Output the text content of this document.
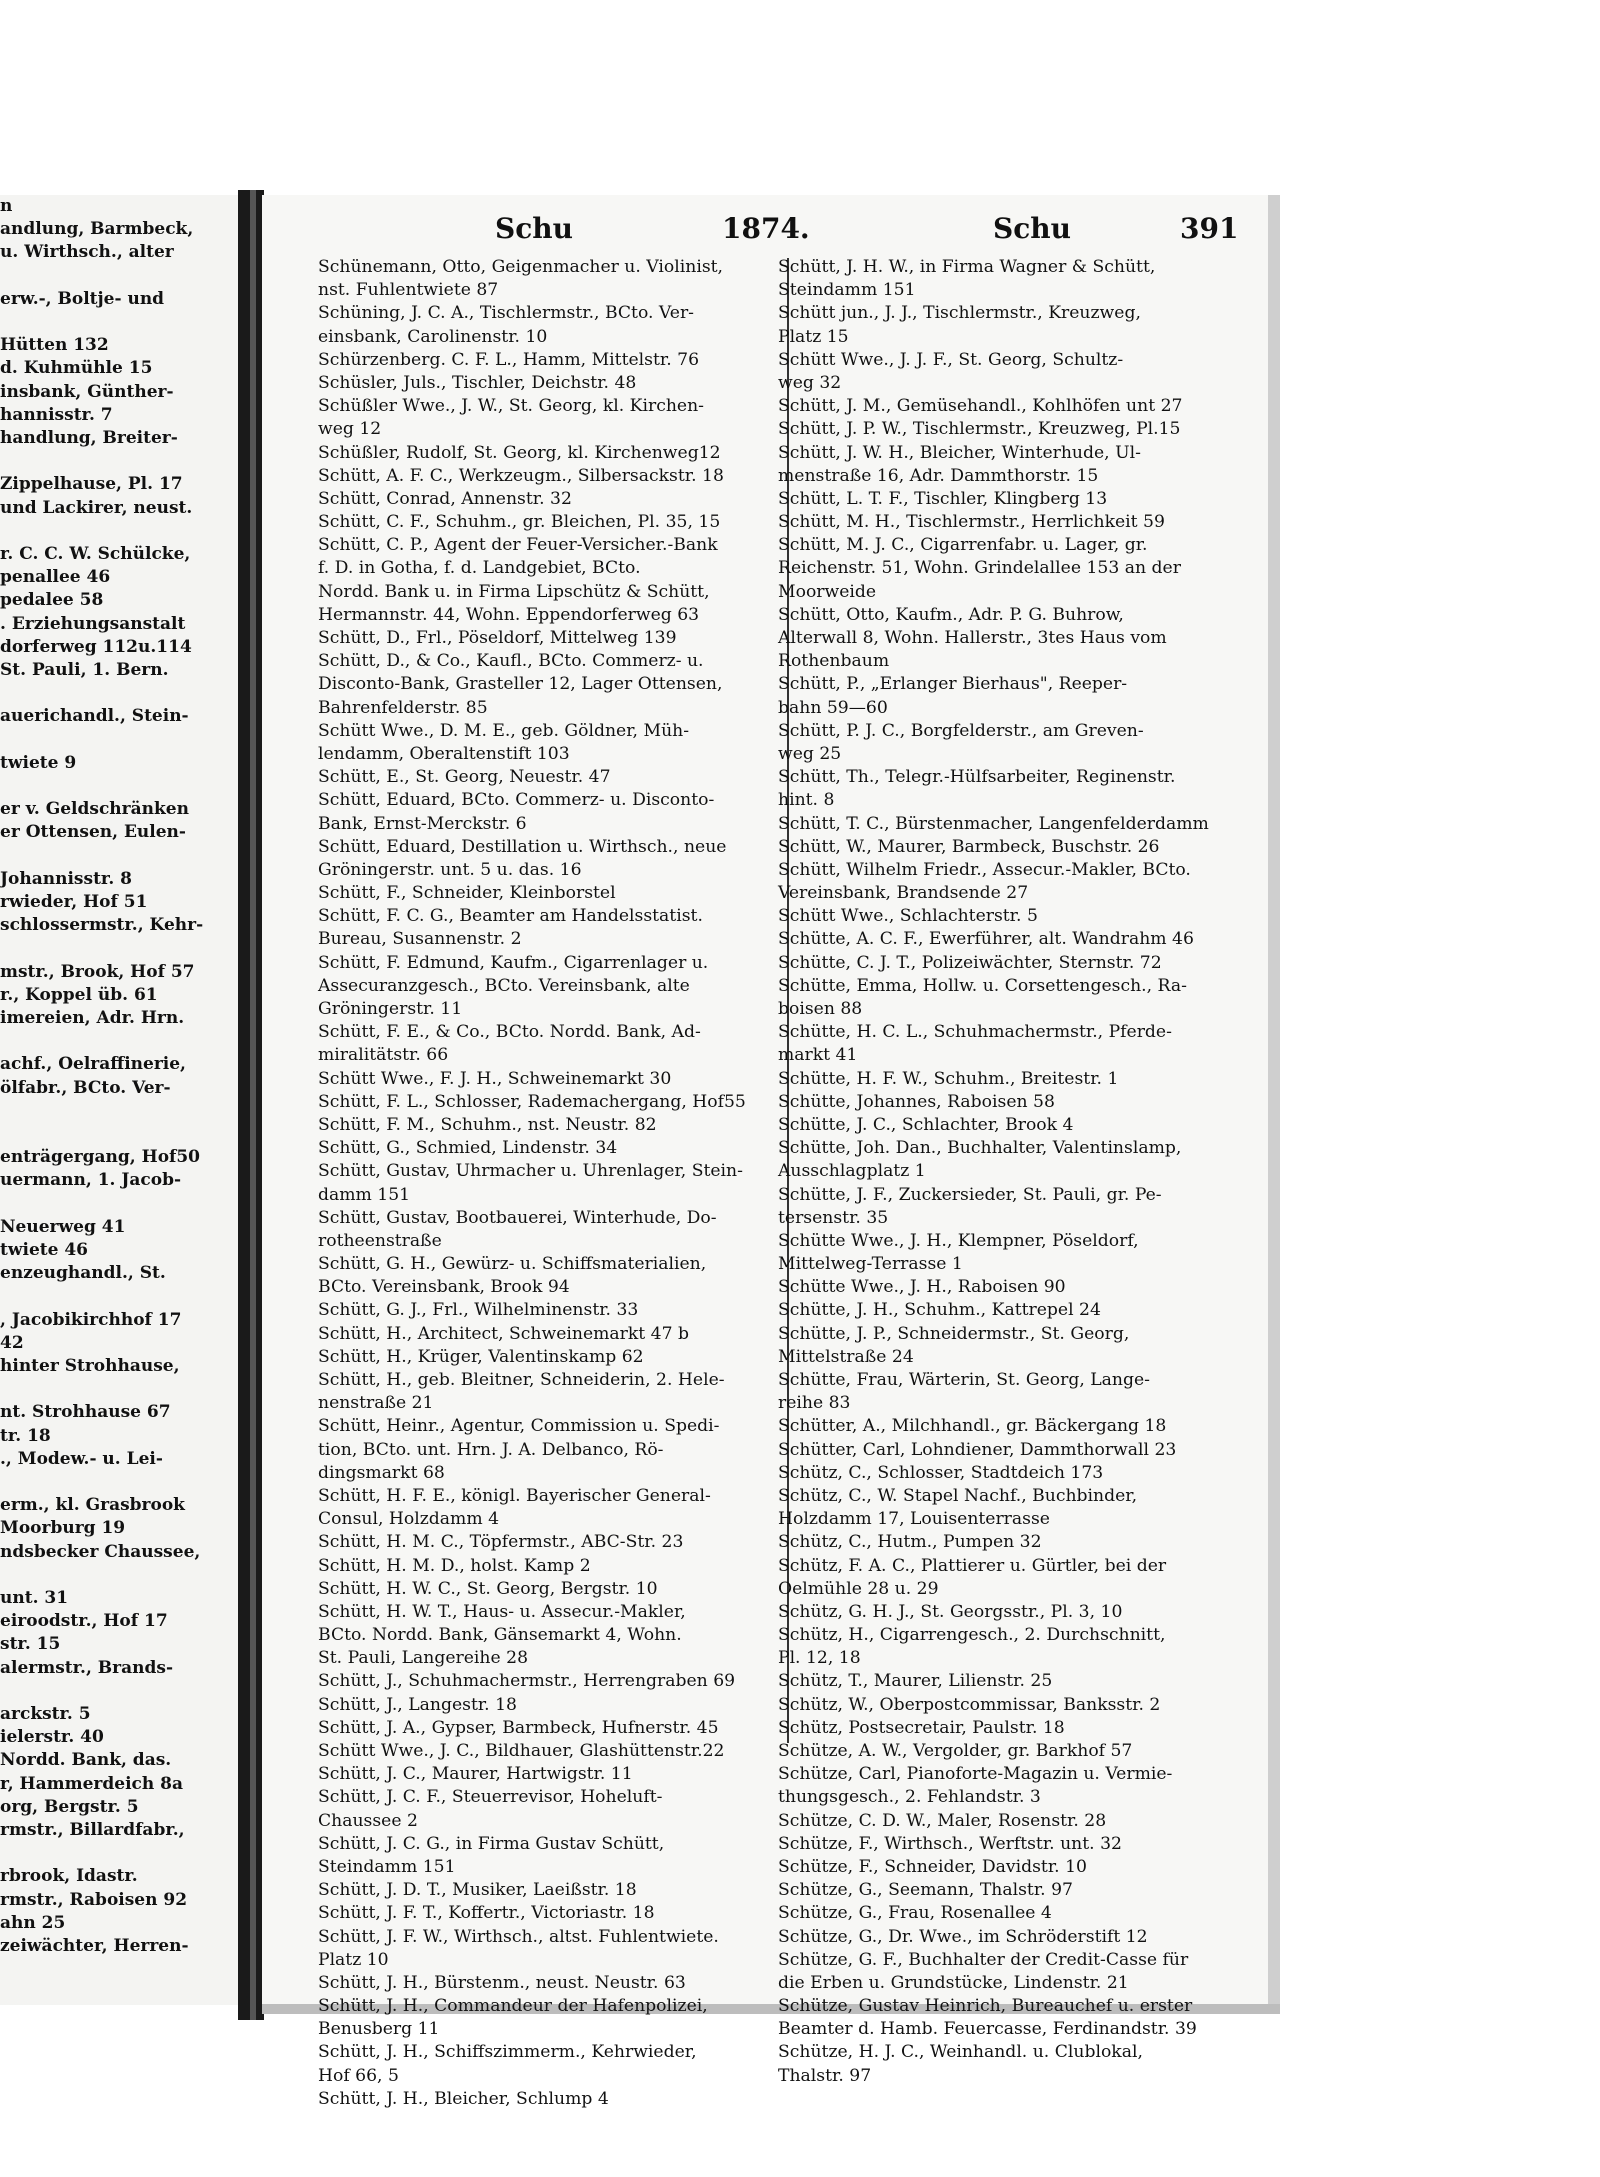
n
andlung, Barmbeck,
u. Wirthsch., alter
erw.-, Boltje- und
Hütten 132
d. Kuhmühle 15
insbank, Günther-
hannisstr. 7
handlung, Breiter-
Zippelhause, Pl. 17
und Lackirer, neust.
r. C. C. W. Schülcke,
penallee 46
pedalee 58
. Erziehungsanstalt
dorferweg 112u.114
St. Pauli, 1. Bern.
auerichandl., Stein-
twiete 9
er v. Geldschränken
er Ottensen, Eulen-
Johannisstr. 8
rwieder, Hof 51
schlossermstr., Kehr-
mstr., Brook, Hof 57
r., Koppel üb. 61
imereien, Adr. Hrn.
achf., Oelraffinerie,
ölfabr., BCto. Ver-
enträgergang, Hof50
uermann, 1. Jacob-
Neuerweg 41
twiete 46
enzeughandl., St.
, Jacobikirchhof 17
42
hinter Strohhause,
nt. Strohhause 67
tr. 18
., Modew.- u. Lei-
erm., kl. Grasbrook
Moorburg 19
ndsbecker Chaussee,
unt. 31
eiroodstr., Hof 17
str. 15
alermstr., Brands-
arckstr. 5
ielerstr. 40
Nordd. Bank, das.
r, Hammerdeich 8a
org, Bergstr. 5
rmstr., Billardfabr.,
rbrook, Idastr.
rmstr., Raboisen 92
ahn 25
zeiwächter, Herren-
Schu	1874.	Schu	391
Schünemann, Otto, Geigenmacher u. Violinist,
nst. Fuhlentwiete 87
Schüning, J. C. A., Tischlermstr., BCto. Ver-
einsbank, Carolinenstr. 10
Schürzenberg. C. F. L., Hamm, Mittelstr. 76
Schüsler, Juls., Tischler, Deichstr. 48
Schüßler Wwe., J. W., St. Georg, kl. Kirchen-
weg 12
Schüßler, Rudolf, St. Georg, kl. Kirchenweg12
Schütt, A. F. C., Werkzeugm., Silbersackstr. 18
Schütt, Conrad, Annenstr. 32
Schütt, C. F., Schuhm., gr. Bleichen, Pl. 35, 15
Schütt, C. P., Agent der Feuer-Versicher.-Bank
f. D. in Gotha, f. d. Landgebiet, BCto.
Nordd. Bank u. in Firma Lipschütz & Schütt,
Hermannstr. 44, Wohn. Eppendorferweg 63
Schütt, D., Frl., Pöseldorf, Mittelweg 139
Schütt, D., & Co., Kaufl., BCto. Commerz- u.
Disconto-Bank, Grasteller 12, Lager Ottensen,
Bahrenfelderstr. 85
Schütt Wwe., D. M. E., geb. Göldner, Müh-
lendamm, Oberaltenstift 103
Schütt, E., St. Georg, Neuestr. 47
Schütt, Eduard, BCto. Commerz- u. Disconto-
Bank, Ernst-Merckstr. 6
Schütt, Eduard, Destillation u. Wirthsch., neue
Gröningerstr. unt. 5 u. das. 16
Schütt, F., Schneider, Kleinborstel
Schütt, F. C. G., Beamter am Handelsstatist.
Bureau, Susannenstr. 2
Schütt, F. Edmund, Kaufm., Cigarrenlager u.
Assecuranzgesch., BCto. Vereinsbank, alte
Gröningerstr. 11
Schütt, F. E., & Co., BCto. Nordd. Bank, Ad-
miralitätstr. 66
Schütt Wwe., F. J. H., Schweinemarkt 30
Schütt, F. L., Schlosser, Rademachergang, Hof55
Schütt, F. M., Schuhm., nst. Neustr. 82
Schütt, G., Schmied, Lindenstr. 34
Schütt, Gustav, Uhrmacher u. Uhrenlager, Stein-
damm 151
Schütt, Gustav, Bootbauerei, Winterhude, Do-
rotheenstraße
Schütt, G. H., Gewürz- u. Schiffsmaterialien,
BCto. Vereinsbank, Brook 94
Schütt, G. J., Frl., Wilhelminenstr. 33
Schütt, H., Architect, Schweinemarkt 47 b
Schütt, H., Krüger, Valentinskamp 62
Schütt, H., geb. Bleitner, Schneiderin, 2. Hele-
nenstraße 21
Schütt, Heinr., Agentur, Commission u. Spedi-
tion, BCto. unt. Hrn. J. A. Delbanco, Rö-
dingsmarkt 68
Schütt, H. F. E., königl. Bayerischer General-
Consul, Holzdamm 4
Schütt, H. M. C., Töpfermstr., ABC-Str. 23
Schütt, H. M. D., holst. Kamp 2
Schütt, H. W. C., St. Georg, Bergstr. 10
Schütt, H. W. T., Haus- u. Assecur.-Makler,
BCto. Nordd. Bank, Gänsemarkt 4, Wohn.
St. Pauli, Langereihe 28
Schütt, J., Schuhmachermstr., Herrengraben 69
Schütt, J., Langestr. 18
Schütt, J. A., Gypser, Barmbeck, Hufnerstr. 45
Schütt Wwe., J. C., Bildhauer, Glashüttenstr.22
Schütt, J. C., Maurer, Hartwigstr. 11
Schütt, J. C. F., Steuerrevisor, Hoheluft-
Chaussee 2
Schütt, J. C. G., in Firma Gustav Schütt,
Steindamm 151
Schütt, J. D. T., Musiker, Laeißstr. 18
Schütt, J. F. T., Koffertr., Victoriastr. 18
Schütt, J. F. W., Wirthsch., altst. Fuhlentwiete.
Platz 10
Schütt, J. H., Bürstenm., neust. Neustr. 63
Schütt, J. H., Commandeur der Hafenpolizei,
Benusberg 11
Schütt, J. H., Schiffszimmerm., Kehrwieder,
Hof 66, 5
Schütt, J. H., Bleicher, Schlump 4
Schütt, J. H. W., in Firma Wagner & Schütt,
Steindamm 151
Schütt jun., J. J., Tischlermstr., Kreuzweg,
Platz 15
Schütt Wwe., J. J. F., St. Georg, Schultz-
weg 32
Schütt, J. M., Gemüsehandl., Kohlhöfen unt 27
Schütt, J. P. W., Tischlermstr., Kreuzweg, Pl.15
Schütt, J. W. H., Bleicher, Winterhude, Ul-
menstraße 16, Adr. Dammthorstr. 15
Schütt, L. T. F., Tischler, Klingberg 13
Schütt, M. H., Tischlermstr., Herrlichkeit 59
Schütt, M. J. C., Cigarrenfabr. u. Lager, gr.
Reichenstr. 51, Wohn. Grindelallee 153 an der
Moorweide
Schütt, Otto, Kaufm., Adr. P. G. Buhrow,
Alterwall 8, Wohn. Hallerstr., 3tes Haus vom
Rothenbaum
Schütt, P., „Erlanger Bierhaus", Reeper-
bahn 59—60
Schütt, P. J. C., Borgfelderstr., am Greven-
weg 25
Schütt, Th., Telegr.-Hülfsarbeiter, Reginenstr.
hint. 8
Schütt, T. C., Bürstenmacher, Langenfelderdamm
Schütt, W., Maurer, Barmbeck, Buschstr. 26
Schütt, Wilhelm Friedr., Assecur.-Makler, BCto.
Vereinsbank, Brandsende 27
Schütt Wwe., Schlachterstr. 5
Schütte, A. C. F., Ewerführer, alt. Wandrahm 46
Schütte, C. J. T., Polizeiwächter, Sternstr. 72
Schütte, Emma, Hollw. u. Corsettengesch., Ra-
boisen 88
Schütte, H. C. L., Schuhmachermstr., Pferde-
markt 41
Schütte, H. F. W., Schuhm., Breitestr. 1
Schütte, Johannes, Raboisen 58
Schütte, J. C., Schlachter, Brook 4
Schütte, Joh. Dan., Buchhalter, Valentinslamp,
Ausschlagplatz 1
Schütte, J. F., Zuckersieder, St. Pauli, gr. Pe-
tersenstr. 35
Schütte Wwe., J. H., Klempner, Pöseldorf,
Mittelweg-Terrasse 1
Schütte Wwe., J. H., Raboisen 90
Schütte, J. H., Schuhm., Kattrepel 24
Schütte, J. P., Schneidermstr., St. Georg,
Mittelstraße 24
Schütte, Frau, Wärterin, St. Georg, Lange-
reihe 83
Schütter, A., Milchhandl., gr. Bäckergang 18
Schütter, Carl, Lohndiener, Dammthorwall 23
Schütz, C., Schlosser, Stadtdeich 173
Schütz, C., W. Stapel Nachf., Buchbinder,
Holzdamm 17, Louisenterrasse
Schütz, C., Hutm., Pumpen 32
Schütz, F. A. C., Plattierer u. Gürtler, bei der
Oelmühle 28 u. 29
Schütz, G. H. J., St. Georgsstr., Pl. 3, 10
Schütz, H., Cigarrengesch., 2. Durchschnitt,
Pl. 12, 18
Schütz, T., Maurer, Lilienstr. 25
Schütz, W., Oberpostcommissar, Banksstr. 2
Schütz, Postsecretair, Paulstr. 18
Schütze, A. W., Vergolder, gr. Barkhof 57
Schütze, Carl, Pianoforte-Magazin u. Vermie-
thungsgesch., 2. Fehlandstr. 3
Schütze, C. D. W., Maler, Rosenstr. 28
Schütze, F., Wirthsch., Werftstr. unt. 32
Schütze, F., Schneider, Davidstr. 10
Schütze, G., Seemann, Thalstr. 97
Schütze, G., Frau, Rosenallee 4
Schütze, G., Dr. Wwe., im Schröderstift 12
Schütze, G. F., Buchhalter der Credit-Casse für
die Erben u. Grundstücke, Lindenstr. 21
Schütze, Gustav Heinrich, Bureauchef u. erster
Beamter d. Hamb. Feuercasse, Ferdinandstr. 39
Schütze, H. J. C., Weinhandl. u. Clublokal,
Thalstr. 97
